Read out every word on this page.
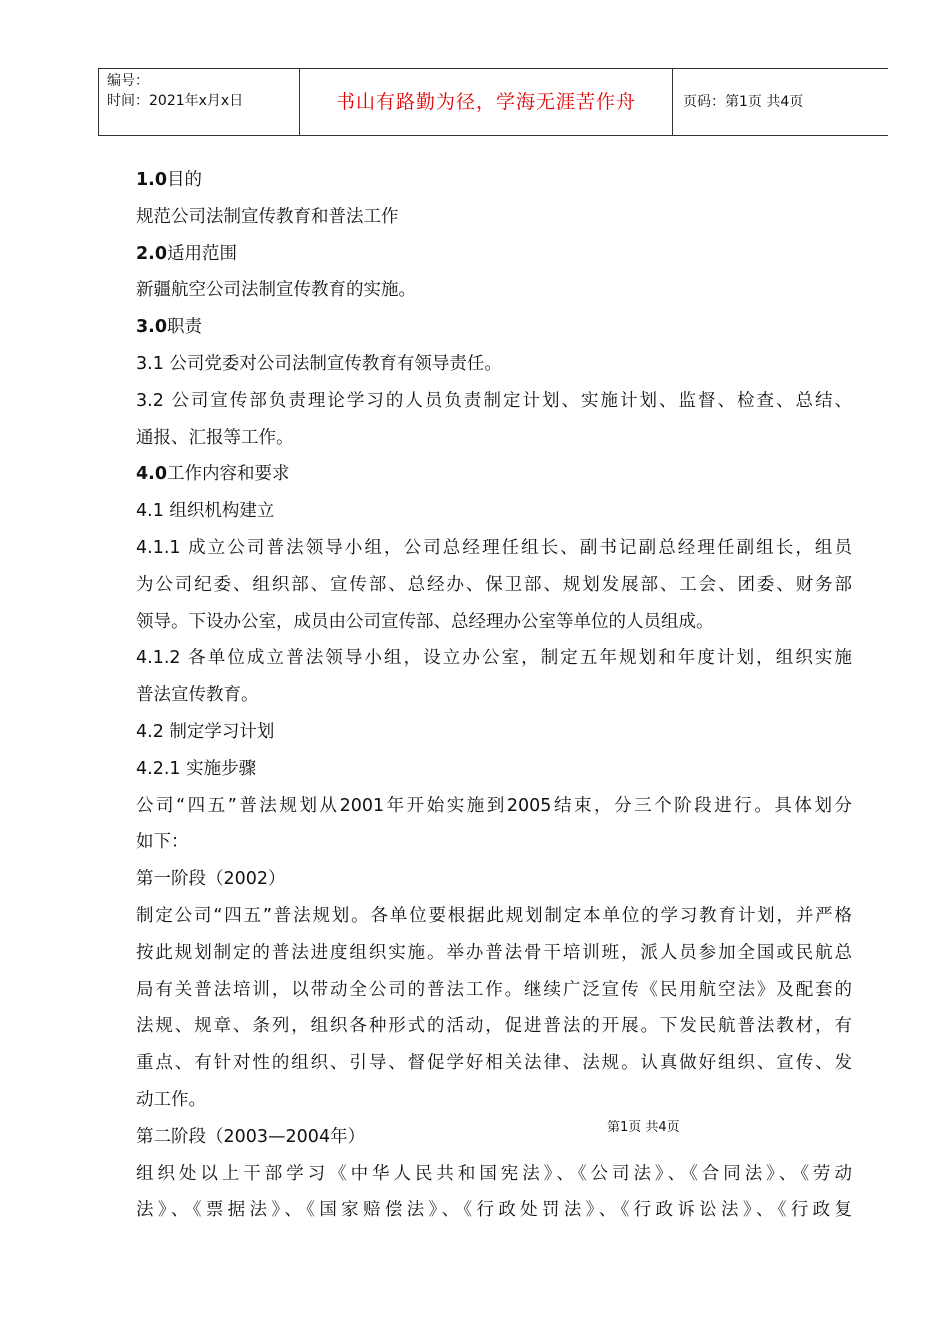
编号：
时间：2021年x月x日	书山有路勤为径，学海无涯苦作舟	页码：第1页 共4页
1.0目的
规范公司法制宣传教育和普法工作
2.0适用范围
新疆航空公司法制宣传教育的实施。
3.0职责
3.1 公司党委对公司法制宣传教育有领导责任。
3.2 公司宣传部负责理论学习的人员负责制定计划、实施计划、监督、检查、总结、
通报、汇报等工作。
4.0工作内容和要求
4.1 组织机构建立
4.1.1 成立公司普法领导小组，公司总经理任组长、副书记副总经理任副组长，组员
为公司纪委、组织部、宣传部、总经办、保卫部、规划发展部、工会、团委、财务部
领导。下设办公室，成员由公司宣传部、总经理办公室等单位的人员组成。
4.1.2 各单位成立普法领导小组，设立办公室，制定五年规划和年度计划，组织实施
普法宣传教育。
4.2 制定学习计划
4.2.1 实施步骤
公司“四五”普法规划从2001年开始实施到2005结束，分三个阶段进行。具体划分
如下：
第一阶段（2002）
制定公司“四五”普法规划。各单位要根据此规划制定本单位的学习教育计划，并严格
按此规划制定的普法进度组织实施。举办普法骨干培训班，派人员参加全国或民航总
局有关普法培训，以带动全公司的普法工作。继续广泛宣传《民用航空法》及配套的
法规、规章、条列，组织各种形式的活动，促进普法的开展。下发民航普法教材，有
重点、有针对性的组织、引导、督促学好相关法律、法规。认真做好组织、宣传、发
动工作。
第二阶段（2003—2004年）
组织处以上干部学习《中华人民共和国宪法》、《公司法》、《合同法》、《劳动
法》、《票据法》、《国家赔偿法》、《行政处罚法》、《行政诉讼法》、《行政复
第1页 共4页
